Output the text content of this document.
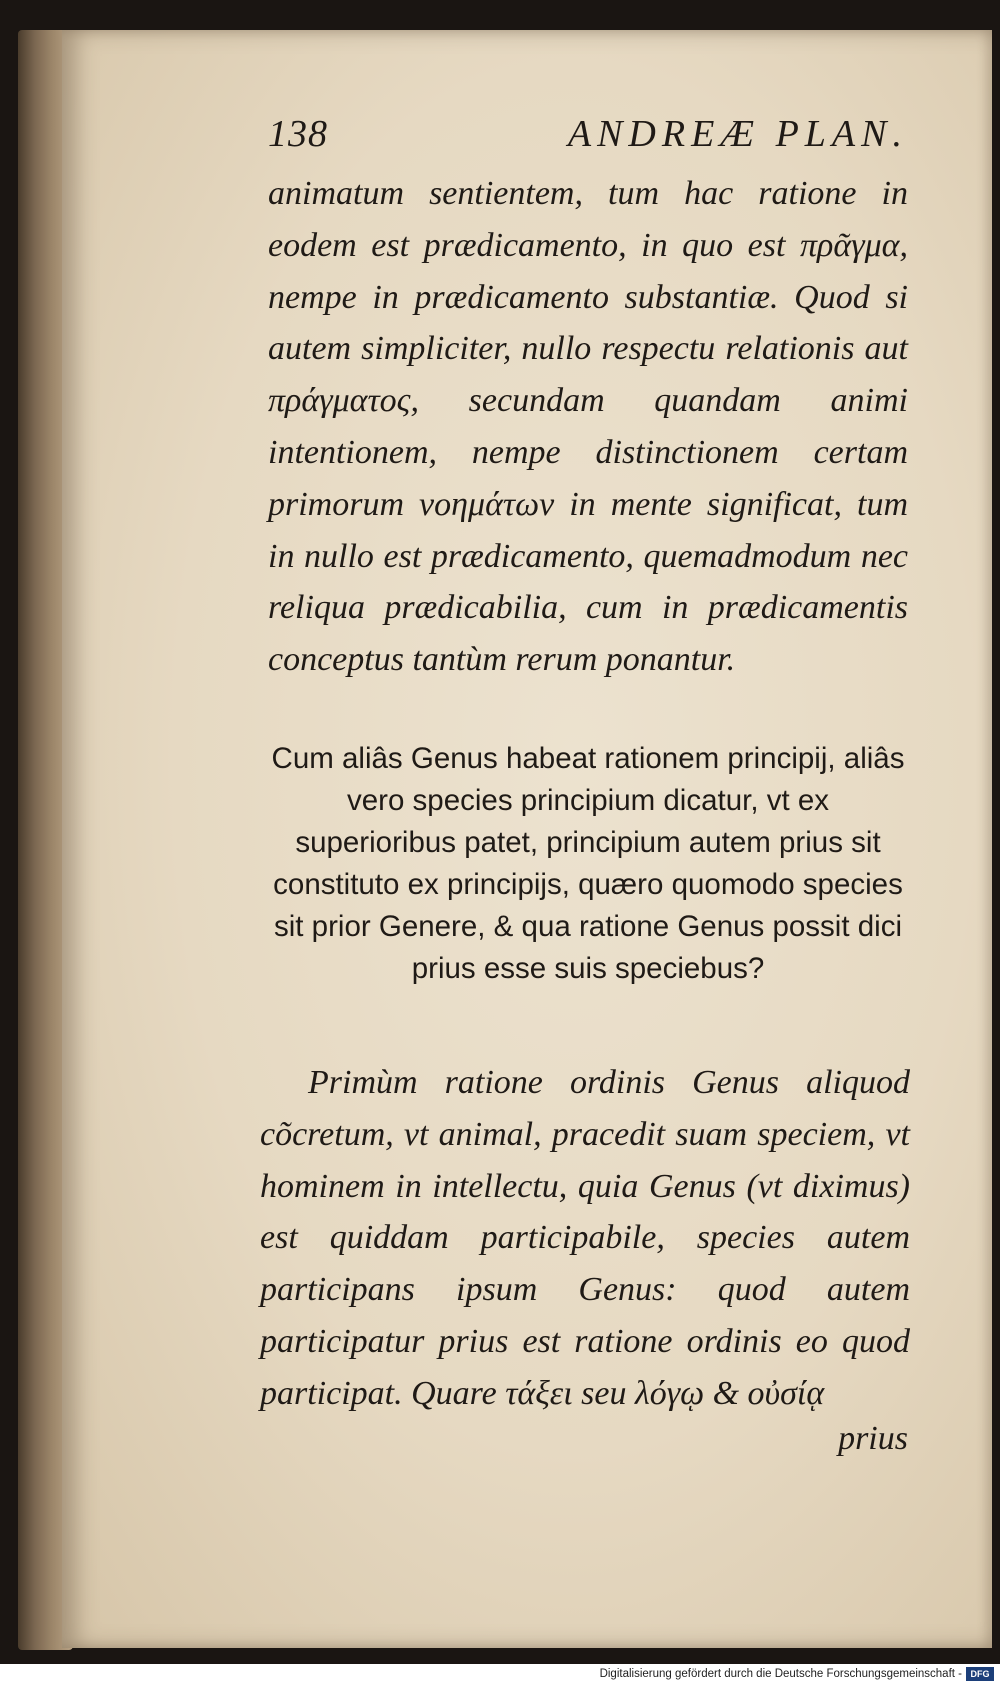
138	ANDREÆ PLAN.
animatum sentientem, tum hac ratione in eodem est prædicamento, in quo est πρᾶγμα, nempe in prædicamento substantiæ. Quod si autem simpliciter, nullo respectu relationis aut πράγματος, secundam quandam animi intentionem, nempe distinctionem certam primorum νοημάτων in mente significat, tum in nullo est prædicamento, quemadmodum nec reliqua prædicabilia, cum in prædicamentis conceptus tantùm rerum ponantur.
Cum aliâs Genus habeat rationem principij, aliâs vero species principium dicatur, vt ex superioribus patet, principium autem prius sit constituto ex principijs, quæro quomodo species sit prior Genere, & qua ratione Genus possit dici prius esse suis speciebus?
Primùm ratione ordinis Genus aliquod cõcretum, vt animal, pracedit suam speciem, vt hominem in intellectu, quia Genus (vt diximus) est quiddam participabile, species autem participans ipsum Genus: quod autem participatur prius est ratione ordinis eo quod participat. Quare τάξει seu λόγῳ & οὐσίᾳ
prius
Digitalisierung gefördert durch die Deutsche Forschungsgemeinschaft - DFG
